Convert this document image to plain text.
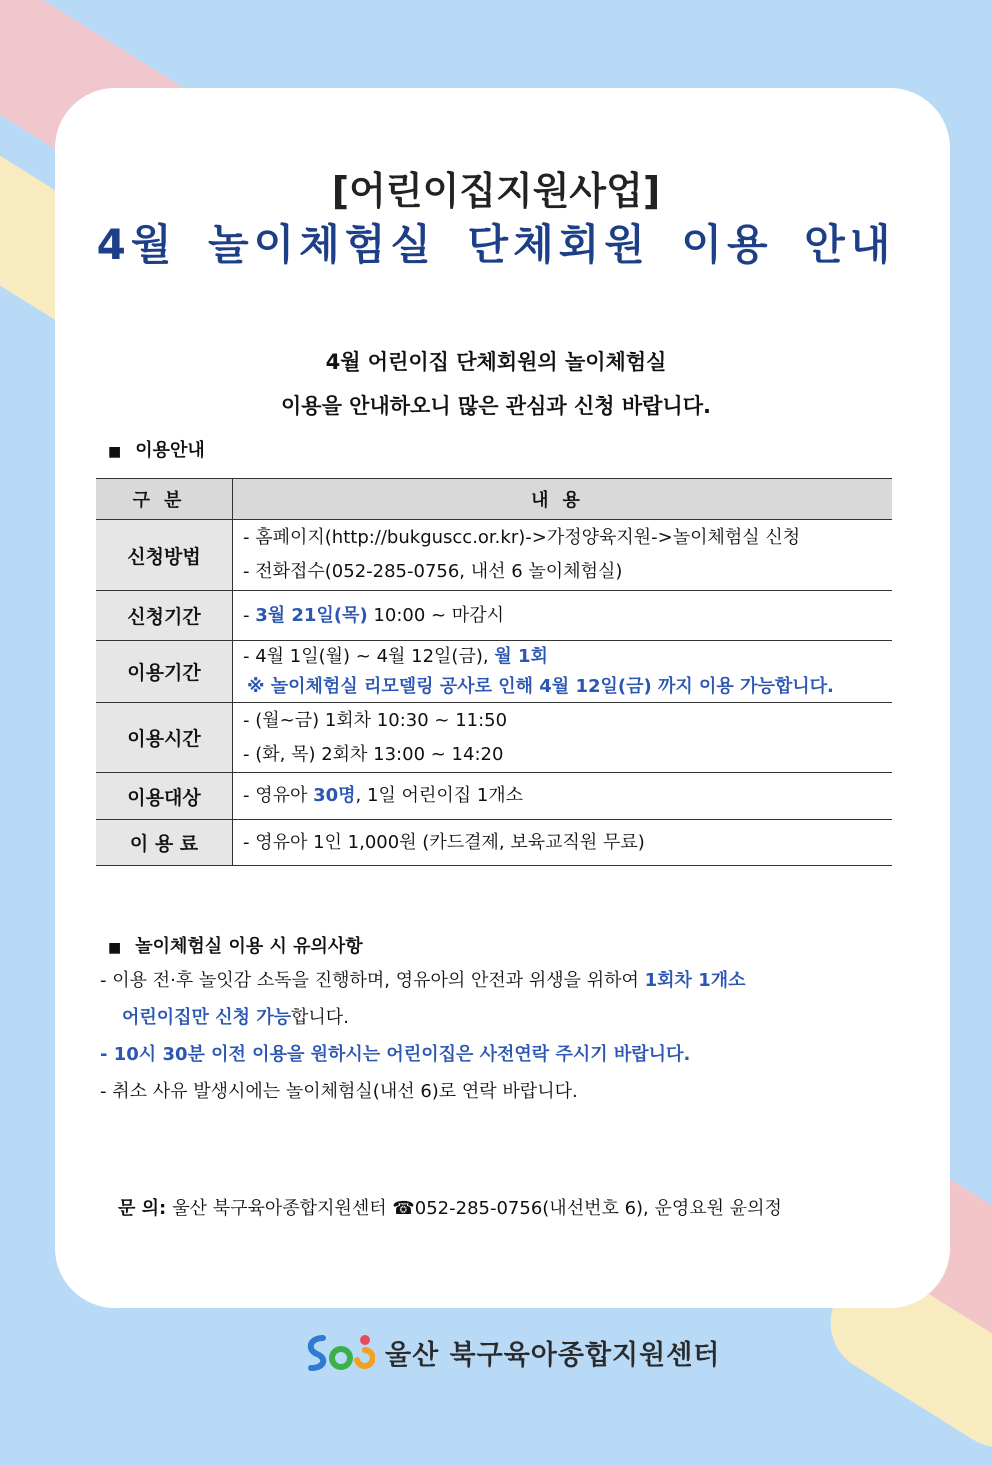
[어린이집지원사업]
4월 놀이체험실 단체회원 이용 안내
4월 어린이집 단체회원의 놀이체험실
이용을 안내하오니 많은 관심과 신청 바랍니다.
■ 이용안내
구분	내용
신청방법	- 홈페이지(http://bukguscc.or.kr)->가정양육지원->놀이체험실 신청
- 전화접수(052-285-0756, 내선 6 놀이체험실)

신청기간	- 3월 21일(목) 10:00 ~ 마감시
이용기간	- 4월 1일(월) ~ 4월 12일(금), 월 1회
※ 놀이체험실 리모델링 공사로 인해 4월 12일(금) 까지 이용 가능합니다.

이용시간	- (월~금) 1회차 10:30 ~ 11:50
- (화, 목) 2회차 13:00 ~ 14:20

이용대상	- 영유아 30명, 1일 어린이집 1개소
이 용 료	- 영유아 1인 1,000원 (카드결제, 보육교직원 무료)
■ 놀이체험실 이용 시 유의사항
- 이용 전·후 놀잇감 소독을 진행하며, 영유아의 안전과 위생을 위하여 1회차 1개소
어린이집만 신청 가능합니다.
- 10시 30분 이전 이용을 원하시는 어린이집은 사전연락 주시기 바랍니다.
- 취소 사유 발생시에는 놀이체험실(내선 6)로 연락 바랍니다.
문 의: 울산 북구육아종합지원센터 ☎052-285-0756(내선번호 6), 운영요원 윤의정
울산 북구육아종합지원센터
